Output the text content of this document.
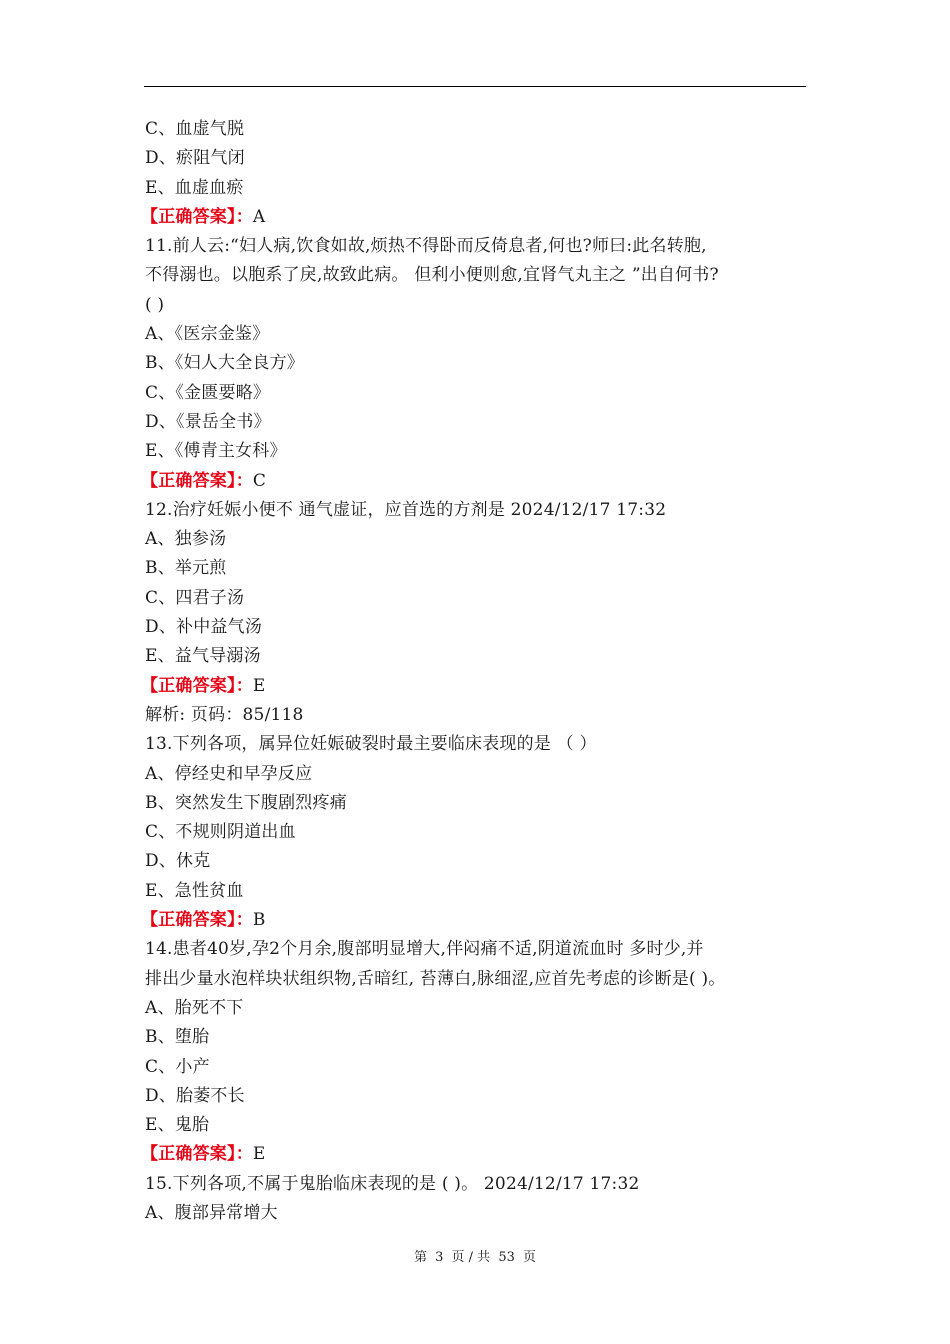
C、血虚气脱
D、瘀阻气闭
E、血虚血瘀
【正确答案】：A
11.前人云:“妇人病,饮食如故,烦热不得卧而反倚息者,何也?师曰:此名转胞,
不得溺也。以胞系了戾,故致此病。 但利小便则愈,宜肾气丸主之 ”出自何书?
( )
A、《医宗金鉴》
B、《妇人大全良方》
C、《金匮要略》
D、《景岳全书》
E、《傅青主女科》
【正确答案】：C
12.治疗妊娠小便不 通气虚证，应首选的方剂是 2024/12/17 17:32
A、独参汤
B、举元煎
C、四君子汤
D、补中益气汤
E、益气导溺汤
【正确答案】：E
解析: 页码：85/118
13.下列各项，属异位妊娠破裂时最主要临床表现的是 （ ）
A、停经史和早孕反应
B、突然发生下腹剧烈疼痛
C、不规则阴道出血
D、休克
E、急性贫血
【正确答案】：B
14.患者40岁,孕2个月余,腹部明显增大,伴闷痛不适,阴道流血时 多时少,并
排出少量水泡样块状组织物,舌暗红, 苔薄白,脉细涩,应首先考虑的诊断是( )。
A、胎死不下
B、堕胎
C、小产
D、胎萎不长
E、鬼胎
【正确答案】：E
15.下列各项,不属于鬼胎临床表现的是 ( )。 2024/12/17 17:32
A、腹部异常增大
第 3 页 / 共 53 页
